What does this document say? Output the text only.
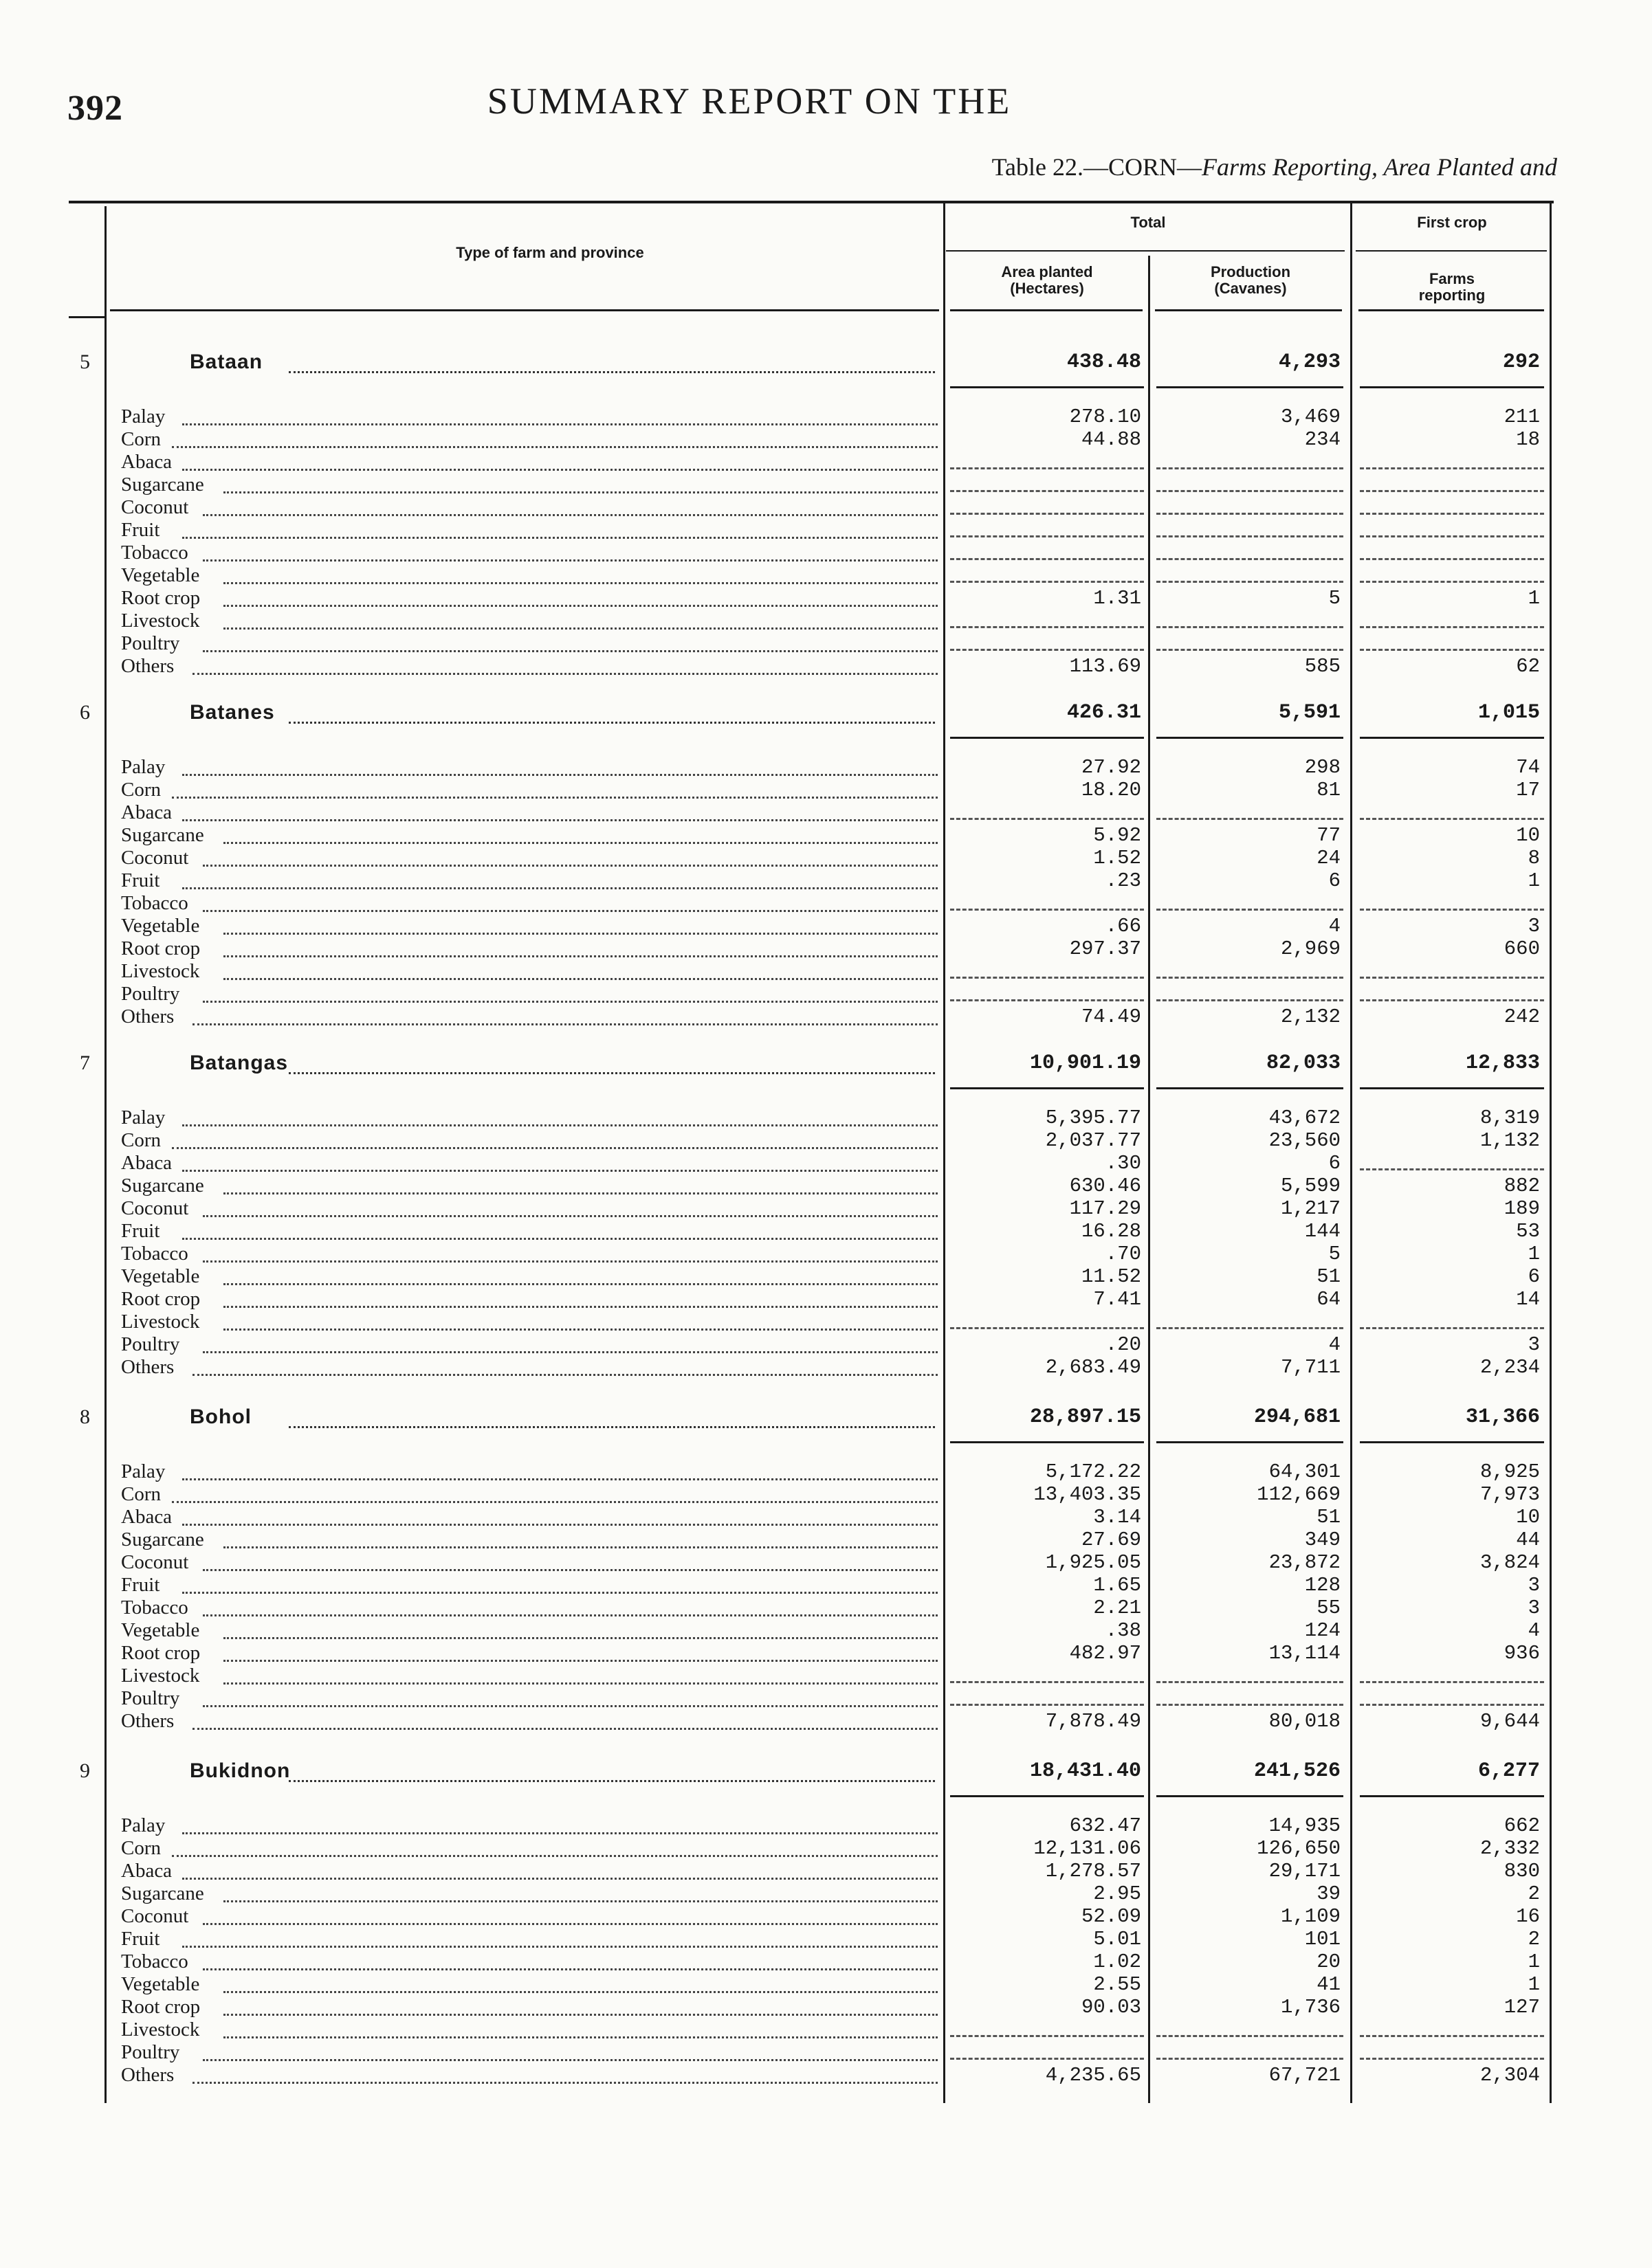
392	SUMMARY REPORT ON THE
Table 22.—CORN—Farms Reporting, Area Planted and
Type of farm and province
Total	First crop
Area planted
(Hectares)
Production
(Cavanes)
Farms
reporting
5	Bataan	438.48	4,293	292
Palay	278.10	3,469	211
Corn	44.88	234	18
Abaca
Sugarcane
Coconut
Fruit
Tobacco
Vegetable
Root crop	1.31	5	1
Livestock
Poultry
Others	113.69	585	62
6	Batanes	426.31	5,591	1,015
Palay	27.92	298	74
Corn	18.20	81	17
Abaca
Sugarcane	5.92	77	10
Coconut	1.52	24	8
Fruit	.23	6	1
Tobacco
Vegetable	.66	4	3
Root crop	297.37	2,969	660
Livestock
Poultry
Others	74.49	2,132	242
7	Batangas	10,901.19	82,033	12,833
Palay	5,395.77	43,672	8,319
Corn	2,037.77	23,560	1,132
Abaca	.30	6
Sugarcane	630.46	5,599	882
Coconut	117.29	1,217	189
Fruit	16.28	144	53
Tobacco	.70	5	1
Vegetable	11.52	51	6
Root crop	7.41	64	14
Livestock
Poultry	.20	4	3
Others	2,683.49	7,711	2,234
8	Bohol	28,897.15	294,681	31,366
Palay	5,172.22	64,301	8,925
Corn	13,403.35	112,669	7,973
Abaca	3.14	51	10
Sugarcane	27.69	349	44
Coconut	1,925.05	23,872	3,824
Fruit	1.65	128	3
Tobacco	2.21	55	3
Vegetable	.38	124	4
Root crop	482.97	13,114	936
Livestock
Poultry
Others	7,878.49	80,018	9,644
9	Bukidnon	18,431.40	241,526	6,277
Palay	632.47	14,935	662
Corn	12,131.06	126,650	2,332
Abaca	1,278.57	29,171	830
Sugarcane	2.95	39	2
Coconut	52.09	1,109	16
Fruit	5.01	101	2
Tobacco	1.02	20	1
Vegetable	2.55	41	1
Root crop	90.03	1,736	127
Livestock
Poultry
Others	4,235.65	67,721	2,304
